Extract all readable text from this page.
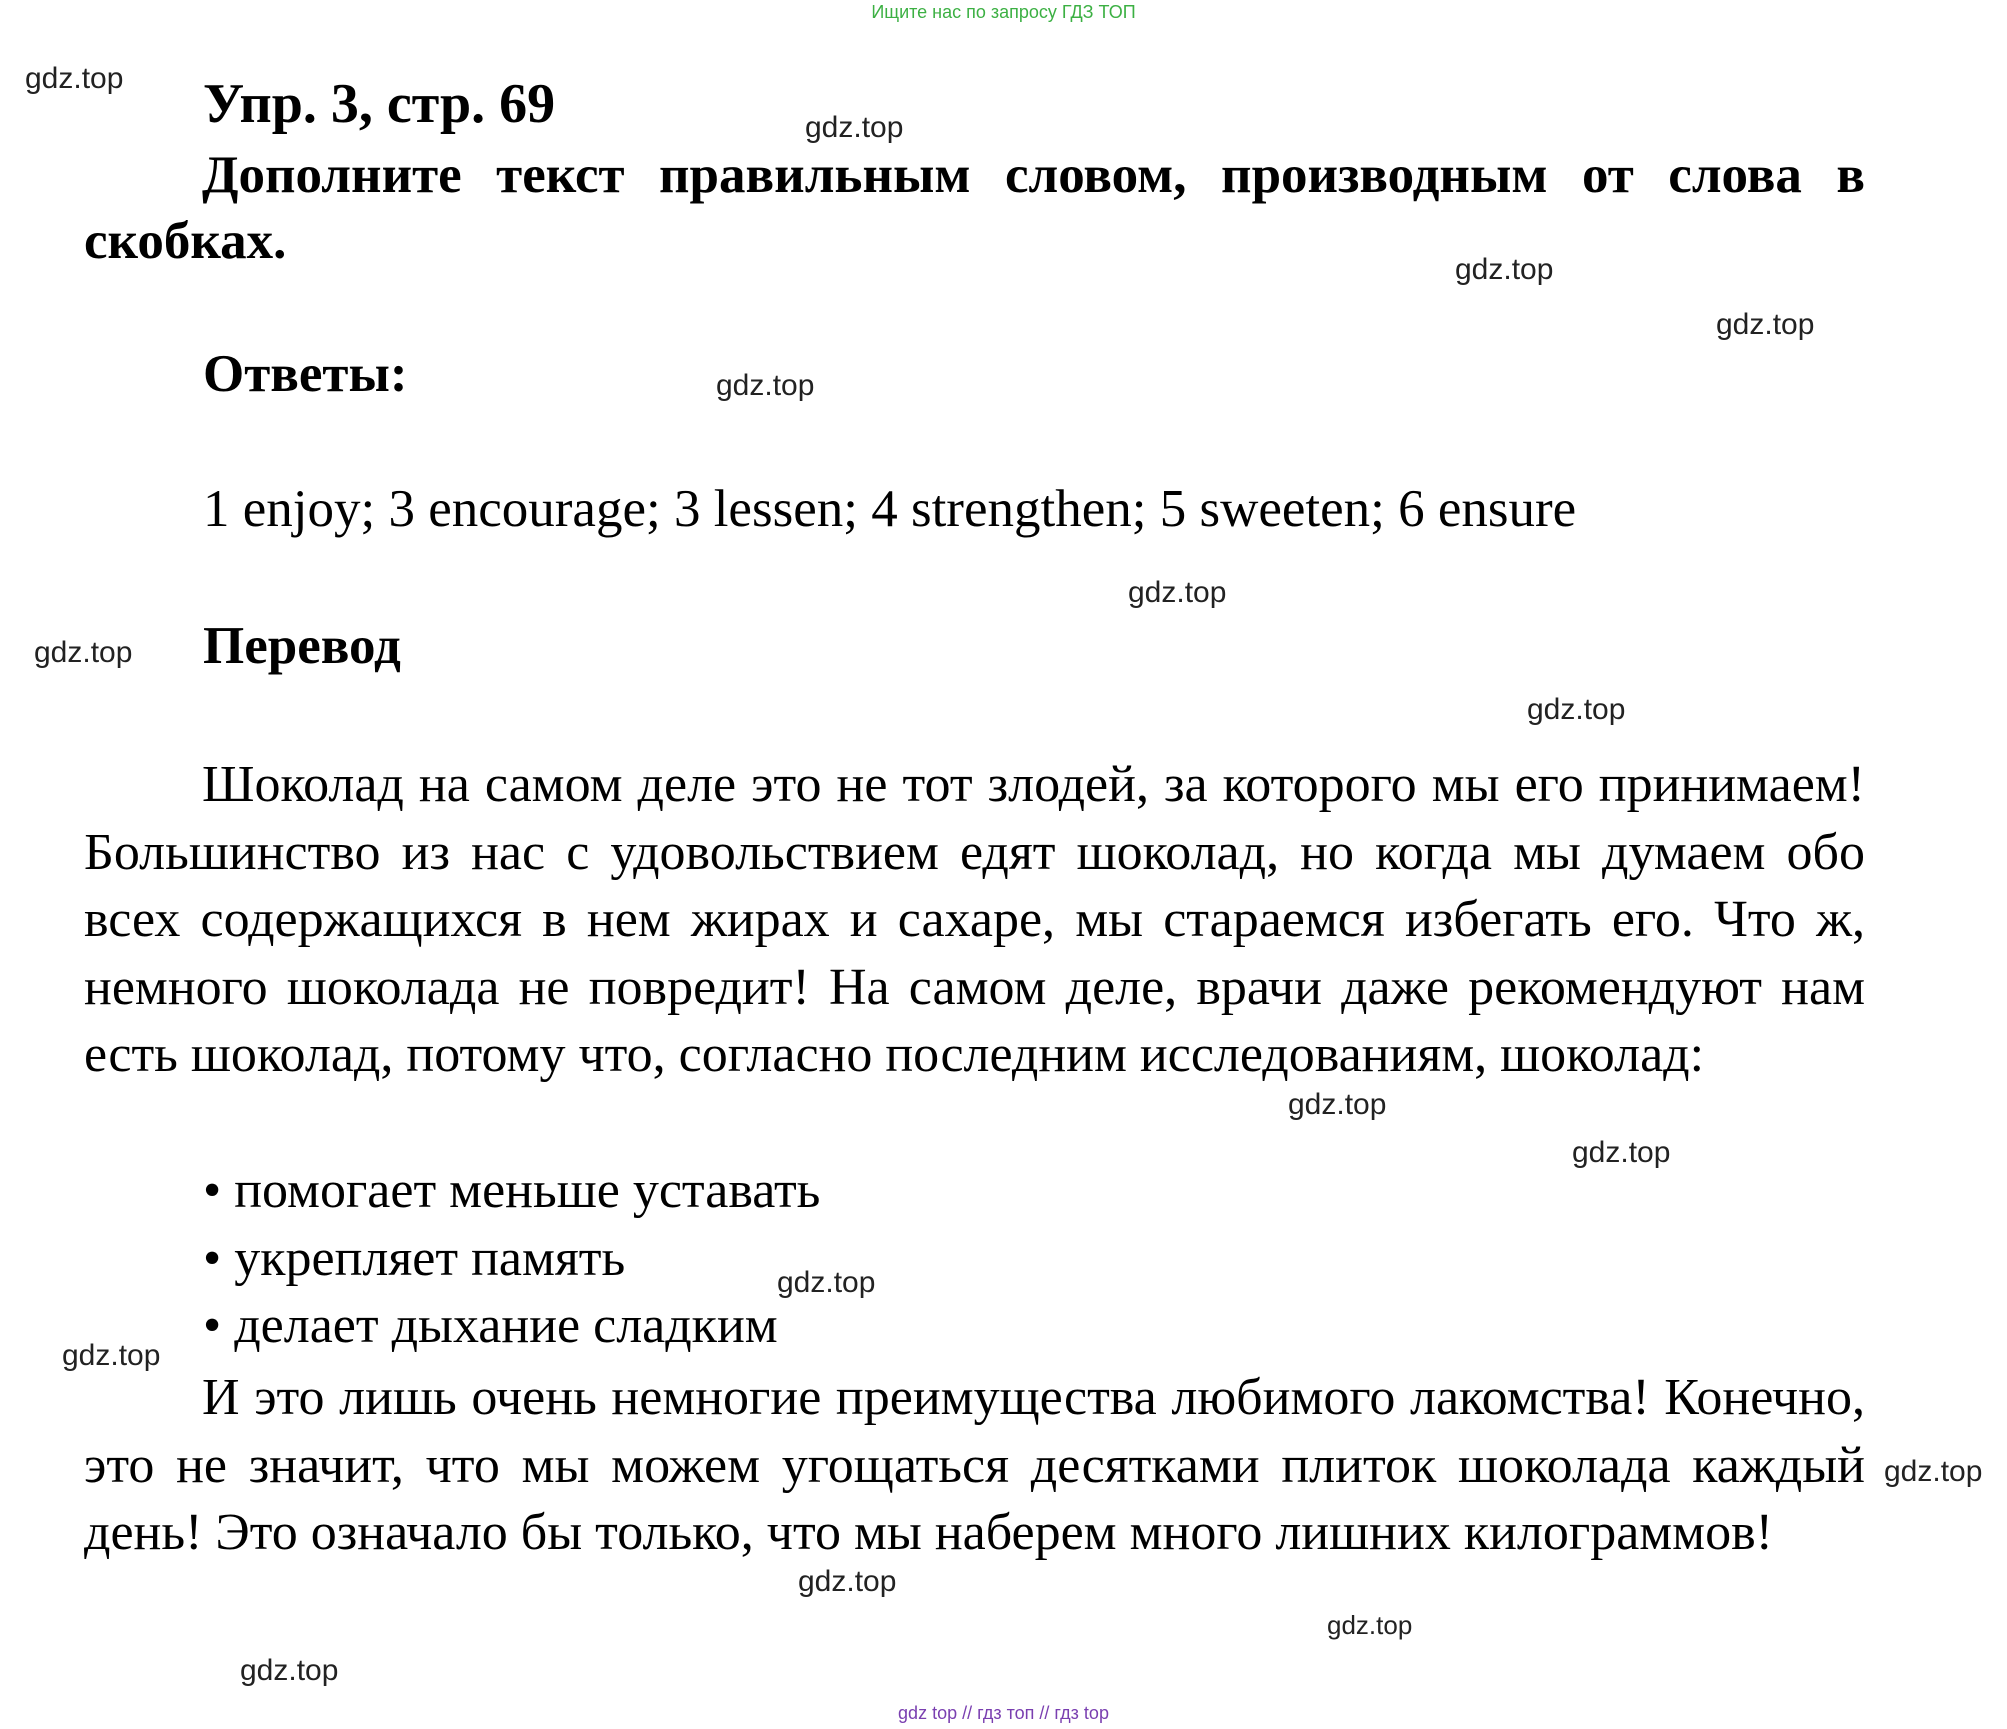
Ищите нас по запросу ГДЗ ТОП
Упр. 3, стр. 69
Дополните текст правильным словом, производным от слова в скобках.
Ответы:
1 enjoy; 3 encourage; 3 lessen; 4 strengthen; 5 sweeten; 6 ensure
Перевод
Шоколад на самом деле это не тот злодей, за которого мы его принимаем! Большинство из нас с удовольствием едят шоколад, но когда мы думаем обо всех содержащихся в нем жирах и сахаре, мы стараемся избегать его. Что ж, немного шоколада не повредит! На самом деле, врачи даже рекомендуют нам есть шоколад, потому что, согласно последним исследованиям, шоколад:
• помогает меньше уставать
• укрепляет память
• делает дыхание сладким
И это лишь очень немногие преимущества любимого лакомства! Конечно, это не значит, что мы можем угощаться десятками плиток шоколада каждый день! Это означало бы только, что мы наберем много лишних килограммов!
gdz.top
gdz.top
gdz.top
gdz.top
gdz.top
gdz.top
gdz.top
gdz.top
gdz.top
gdz.top
gdz.top
gdz.top
gdz.top
gdz.top
gdz.top
gdz.top
gdz top // гдз топ // гдз top
